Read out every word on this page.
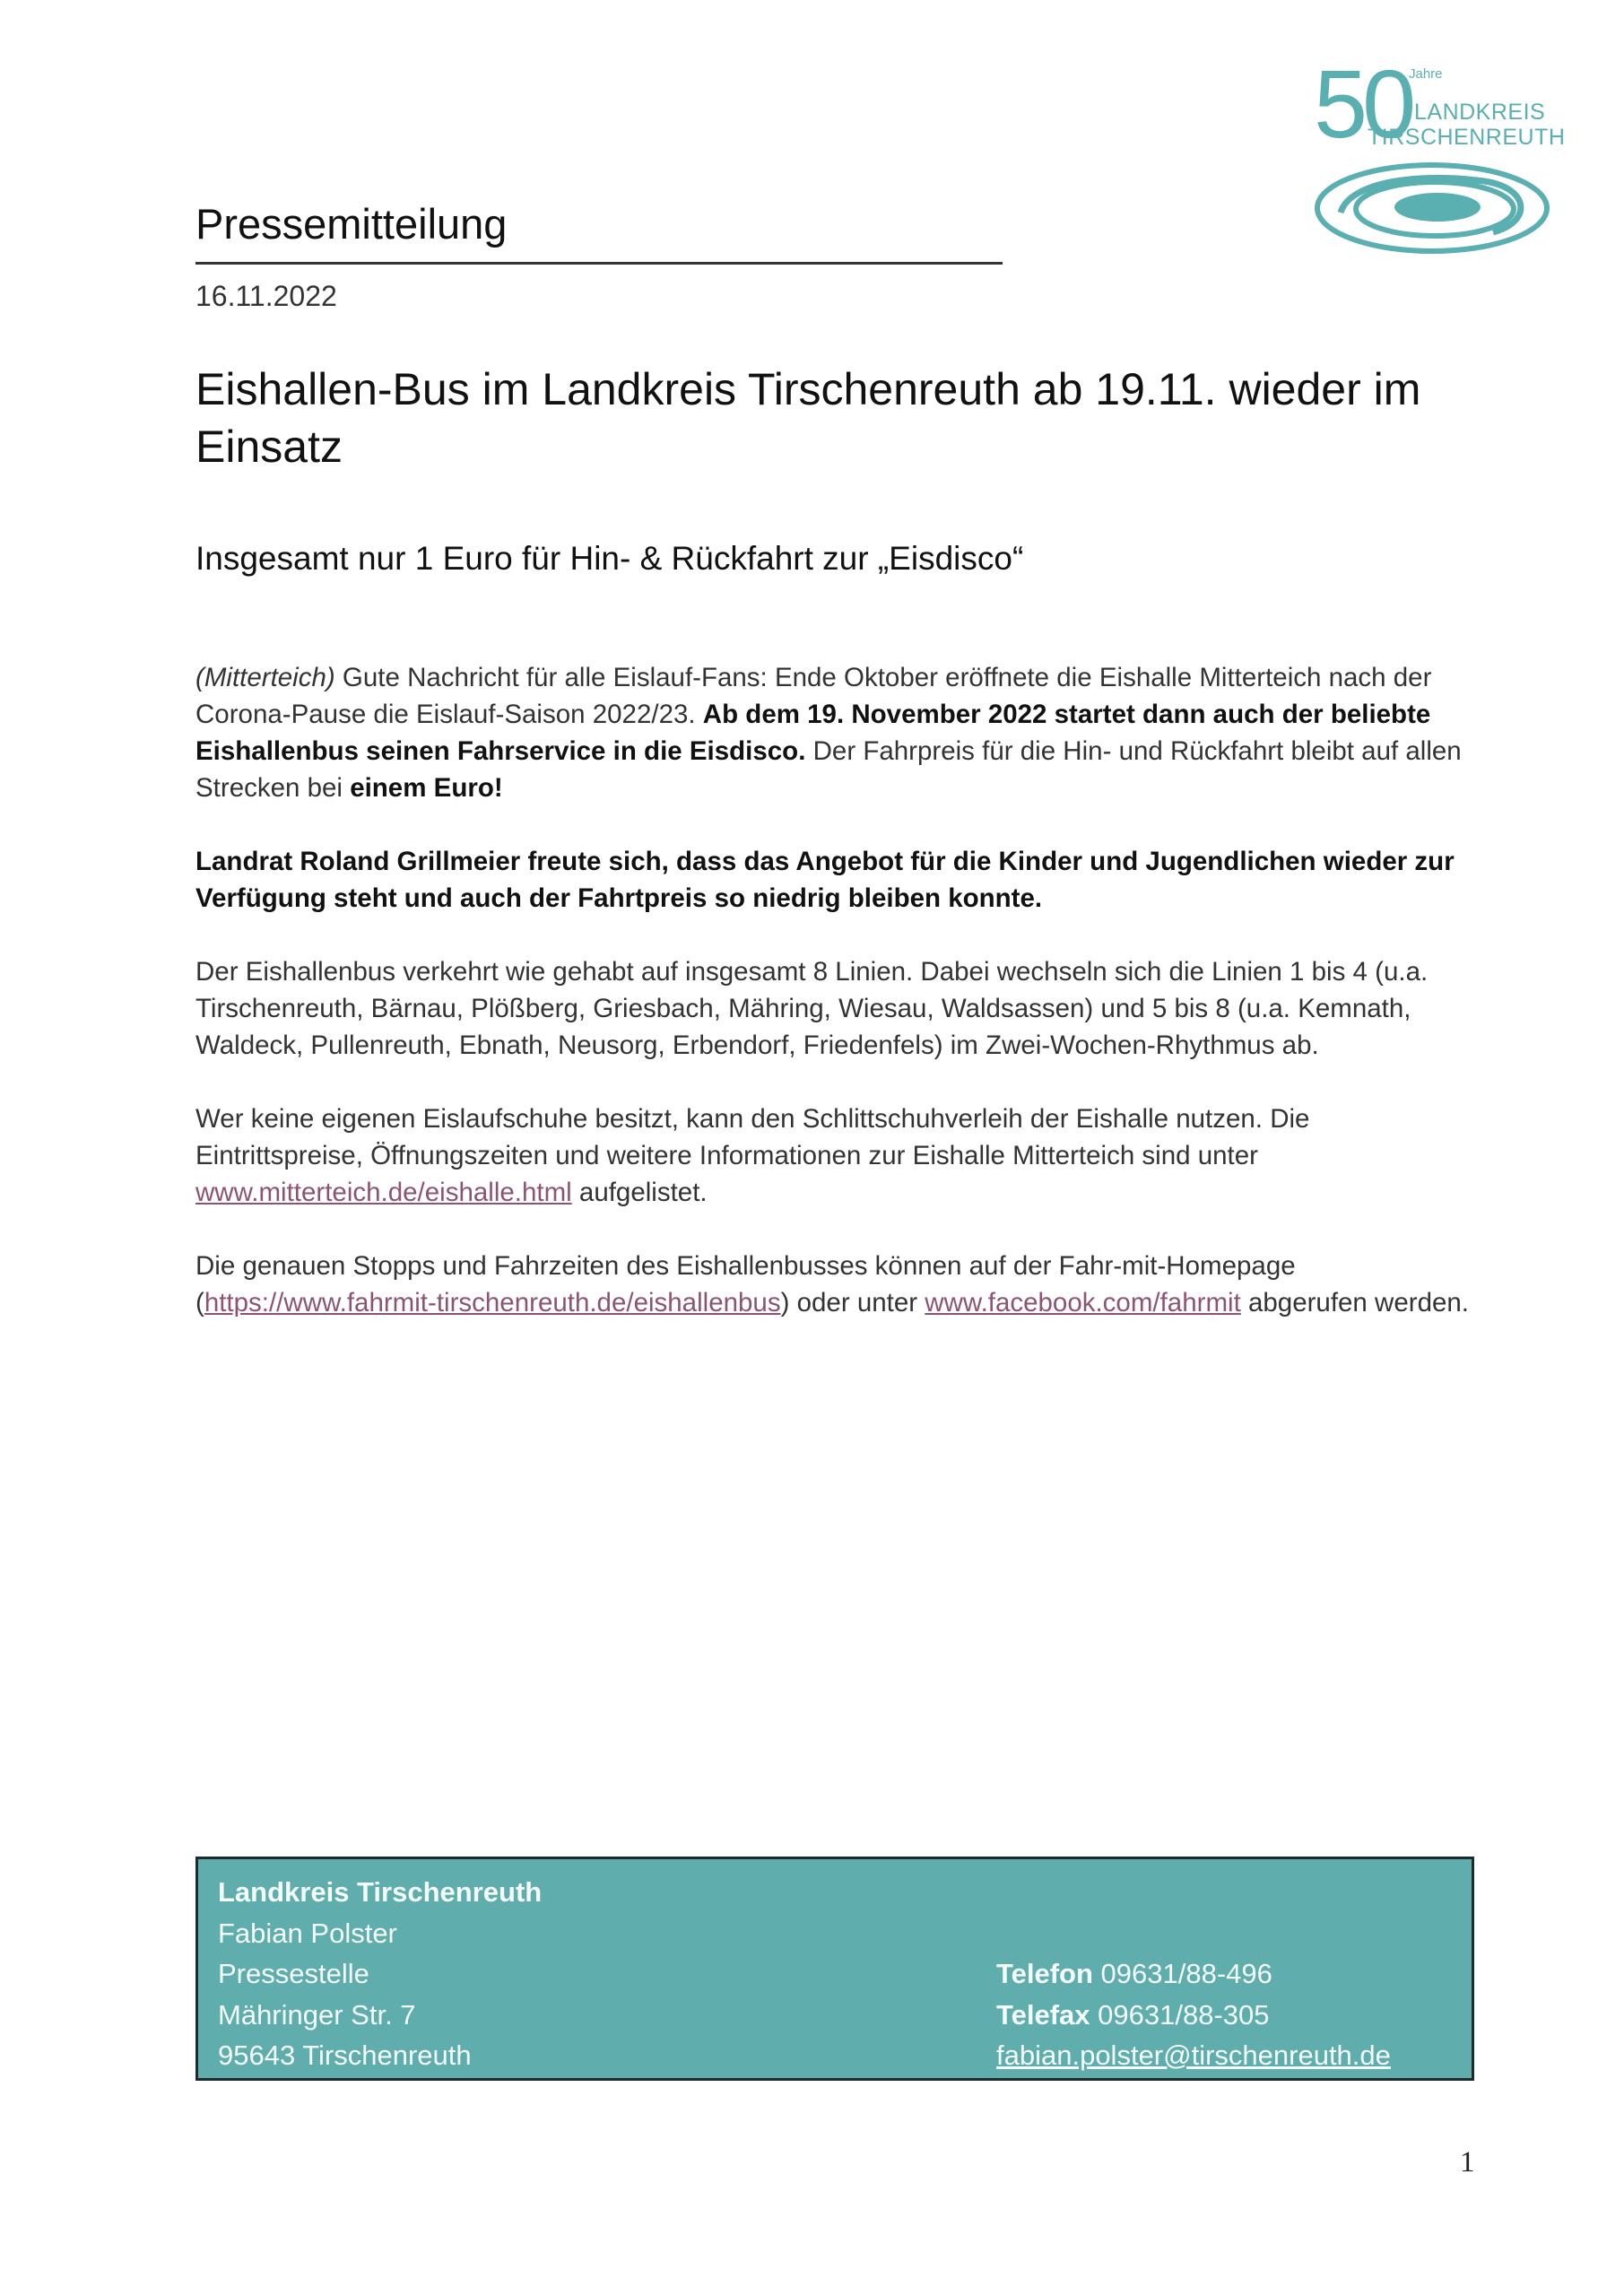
50
Jahre
LANDKREIS
TIRSCHENREUTH
Pressemitteilung
16.11.2022
Eishallen-Bus im Landkreis Tirschenreuth ab 19.11. wieder im Einsatz
Insgesamt nur 1 Euro für Hin- & Rückfahrt zur „Eisdisco“

(Mitterteich) Gute Nachricht für alle Eislauf-Fans: Ende Oktober eröffnete die Eishalle Mitterteich nach der Corona-Pause die Eislauf-Saison 2022/23. Ab dem 19. November 2022 startet dann auch der beliebte Eishallenbus seinen Fahrservice in die Eisdisco. Der Fahrpreis für die Hin- und Rückfahrt bleibt auf allen Strecken bei einem Euro!

Landrat Roland Grillmeier freute sich, dass das Angebot für die Kinder und Jugendlichen wieder zur Verfügung steht und auch der Fahrtpreis so niedrig bleiben konnte.

Der Eishallenbus verkehrt wie gehabt auf insgesamt 8 Linien. Dabei wechseln sich die Linien 1 bis 4 (u.a. Tirschenreuth, Bärnau, Plößberg, Griesbach, Mähring, Wiesau, Waldsassen) und 5 bis 8 (u.a. Kemnath, Waldeck, Pullenreuth, Ebnath, Neusorg, Erbendorf, Friedenfels) im Zwei-Wochen-Rhythmus ab.

Wer keine eigenen Eislaufschuhe besitzt, kann den Schlittschuhverleih der Eishalle nutzen. Die Eintrittspreise, Öffnungszeiten und weitere Informationen zur Eishalle Mitterteich sind unter www.mitterteich.de/eishalle.html aufgelistet.

Die genauen Stopps und Fahrzeiten des Eishallenbusses können auf der Fahr-mit-Homepage (https://www.fahrmit-tirschenreuth.de/eishallenbus) oder unter www.facebook.com/fahrmit abgerufen werden.

Landkreis Tirschenreuth
Fabian Polster
Pressestelle
Mähringer Str. 7
95643 Tirschenreuth
Telefon 09631/88-496
Telefax 09631/88-305
fabian.polster@tirschenreuth.de
1
